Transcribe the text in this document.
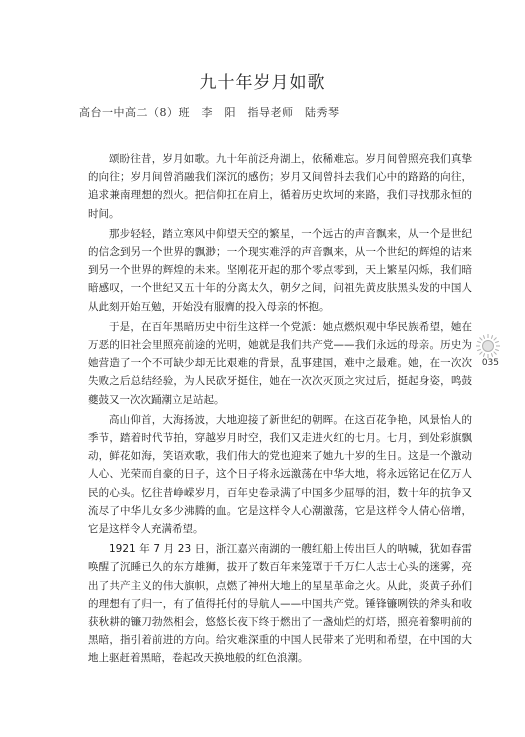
九十年岁月如歌
高台一中高二（8）班　李　阳　指导老师　陆秀琴

颂盼往昔，岁月如歌。九十年前泛舟湖上，依稀难忘。岁月间曾照亮我们真挚的向往；岁月间曾消融我们深沉的感伤；岁月又间曾抖去我们心中的路路的向往，追求兼南理想的烈火。把信仰扛在肩上，循着历史坎坷的来路，我们寻找那永恒的时间。

那步轻轻，踏立寒风中仰望天空的繁星，一个远古的声音飘来，从一个是世纪的信念到另一个世界的飘渺；一个现实难浮的声音飘来，从一个世纪的辉煌的诘来到另一个世界的辉煌的未来。坚刚花开起的那个零点零到，天上繁星闪烁，我们暗暗感叹，一个世纪又五十年的分离太久，朝夕之间，问祖先黄皮肤黑头发的中国人从此刻开始互勉，开始没有服膺的投入母亲的怀抱。

于是，在百年黑暗历史中衍生这样一个党派：她点燃炽观中华民族希望，她在万恶的旧社会里照亮前途的光明，她就是我们共产党——我们永远的母亲。历史为她营造了一个不可缺少却无比艰难的背景，乱事建国，难中之最难。她，在一次次失败之后总结经验，为人民砍牙挺住，她在一次次灭顶之灾过后，挺起身姿，鸣鼓夔鼓又一次次踊潮立足站起。

高山仰首，大海扬波，大地迎接了新世纪的朝晖。在这百花争艳，风景怡人的季节，踏着时代节拍，穿越岁月时空，我们又走进火红的七月。七月，到处彩旗飘动，鲜花如海，笑语欢歌，我们伟大的党也迎来了她九十岁的生日。这是一个激动人心、光荣而自豪的日子，这个日子将永远激荡在中华大地，将永远铭记在亿万人民的心头。忆往昔峥嵘岁月，百年史卷录满了中国多少屈辱的泪，数十年的抗争又流尽了中华儿女多少沸腾的血。它是这样令人心潮激荡，它是这样令人倩心倍增，它是这样令人充满希望。

1921 年 7 月 23 日，浙江嘉兴南湖的一艘红船上传出巨人的呐喊，犹如春雷唤醒了沉睡已久的东方雄狮，拔开了数百年来笼罩于千万仁人志士心头的迷雾，亮出了共产主义的伟大旗帜，点燃了神州大地上的星星革命之火。从此，炎黄子孙们的理想有了归一，有了值得托付的导航人——中国共产党。锤锋镰咧铁的斧头和收获秋耕的镰刀勃然相会，悠悠长夜下终于燃出了一盏灿烂的灯塔，照亮着黎明前的黑暗，指引着前进的方向。给灾难深重的中国人民带来了光明和希望，在中国的大地上驱赶着黑暗，卷起改天换地般的红色浪潮。

035
